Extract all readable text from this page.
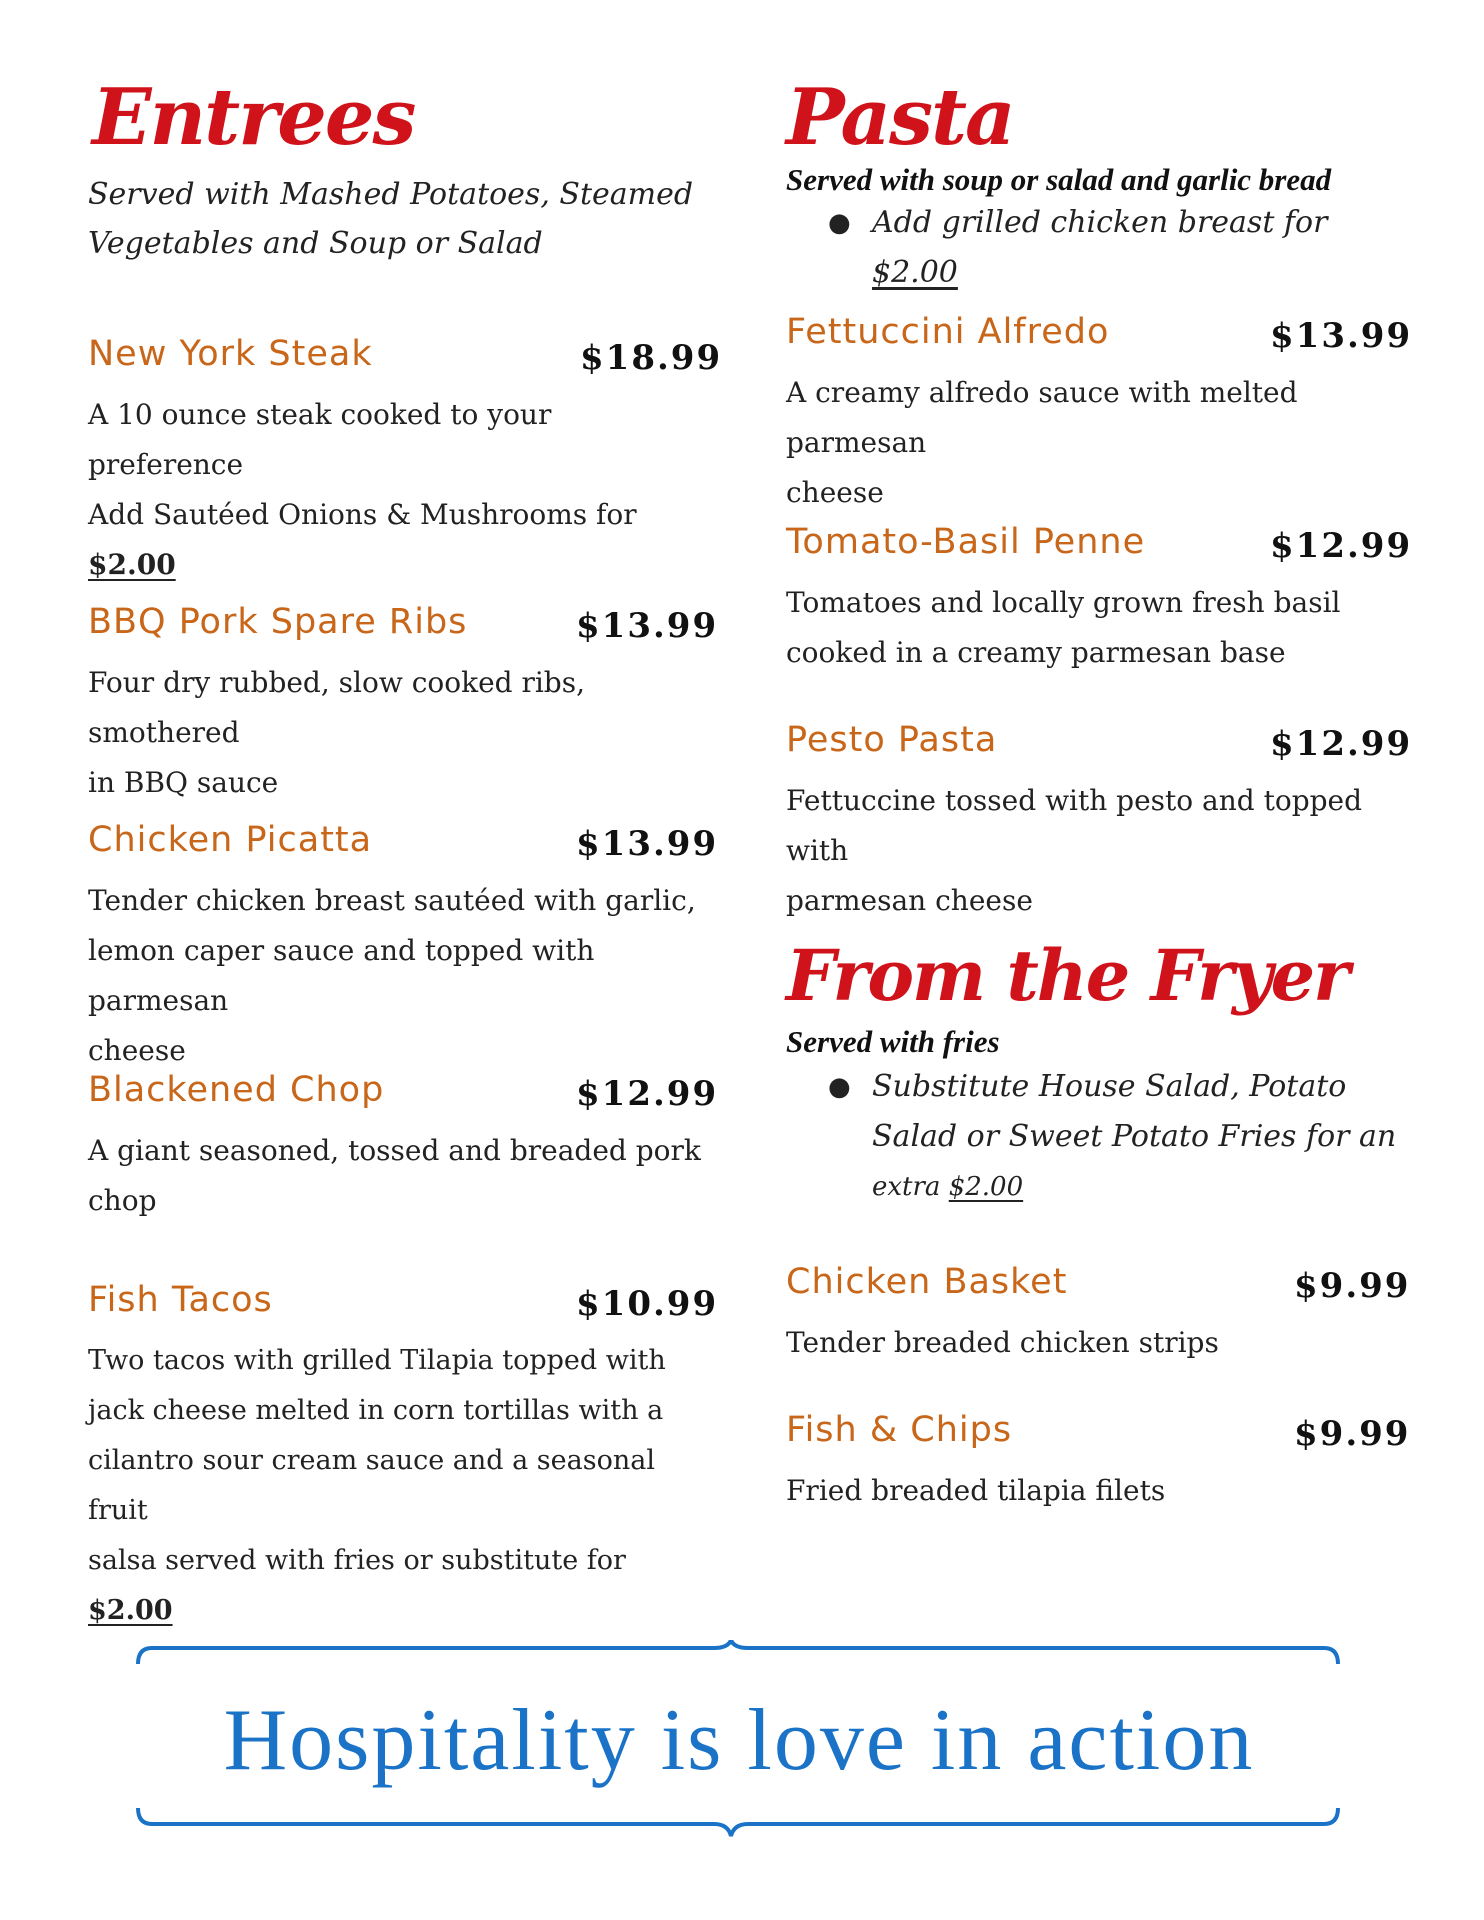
Entrees
Served with Mashed Potatoes, Steamed
Vegetables and Soup or Salad
New York Steak	$18.99
A 10 ounce steak cooked to your preference
Add Sautéed Onions & Mushrooms for
$2.00
BBQ Pork Spare Ribs	$13.99
Four dry rubbed, slow cooked ribs, smothered
in BBQ sauce
Chicken Picatta	$13.99
Tender chicken breast sautéed with garlic,
lemon caper sauce and topped with parmesan
cheese
Blackened Chop	$12.99
A giant seasoned, tossed and breaded pork
chop
Fish Tacos	$10.99
Two tacos with grilled Tilapia topped with
jack cheese melted in corn tortillas with a
cilantro sour cream sauce and a seasonal fruit
salsa served with fries or substitute for $2.00
Pasta
Served with soup or salad and garlic bread
● Add grilled chicken breast for $2.00
Fettuccini Alfredo	$13.99
A creamy alfredo sauce with melted parmesan
cheese
Tomato-Basil Penne	$12.99
Tomatoes and locally grown fresh basil
cooked in a creamy parmesan base
Pesto Pasta	$12.99
Fettuccine tossed with pesto and topped with
parmesan cheese
From the Fryer
Served with fries
● Substitute House Salad, Potato
Salad or Sweet Potato Fries for an
extra $2.00
Chicken Basket	$9.99
Tender breaded chicken strips
Fish & Chips	$9.99
Fried breaded tilapia filets
Hospitality is love in action
